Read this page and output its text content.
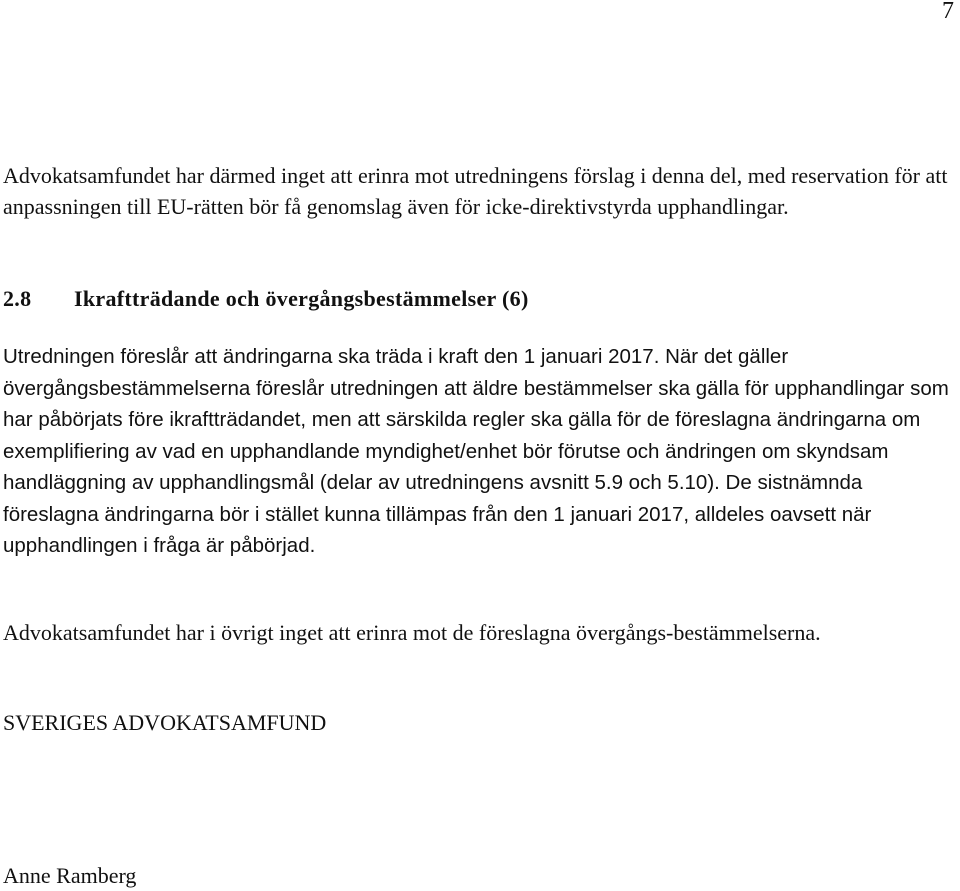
7

Advokatsamfundet har därmed inget att erinra mot utredningens förslag i denna del, med reservation för att anpassningen till EU-rätten bör få genomslag även för icke-direktivstyrda upphandlingar.

2.8 Ikraftträdande och övergångsbestämmelser (6)

Utredningen föreslår att ändringarna ska träda i kraft den 1 januari 2017. När det gäller övergångsbestämmelserna föreslår utredningen att äldre bestämmelser ska gälla för upphandlingar som har påbörjats före ikraftträdandet, men att särskilda regler ska gälla för de föreslagna ändringarna om exemplifiering av vad en upphandlande myndighet/enhet bör förutse och ändringen om skyndsam handläggning av upphandlingsmål (delar av utredningens avsnitt 5.9 och 5.10). De sistnämnda föreslagna ändringarna bör i stället kunna tillämpas från den 1 januari 2017, alldeles oavsett när upphandlingen i fråga är påbörjad.

Advokatsamfundet har i övrigt inget att erinra mot de föreslagna övergångs-bestämmelserna.

SVERIGES ADVOKATSAMFUND

Anne Ramberg
